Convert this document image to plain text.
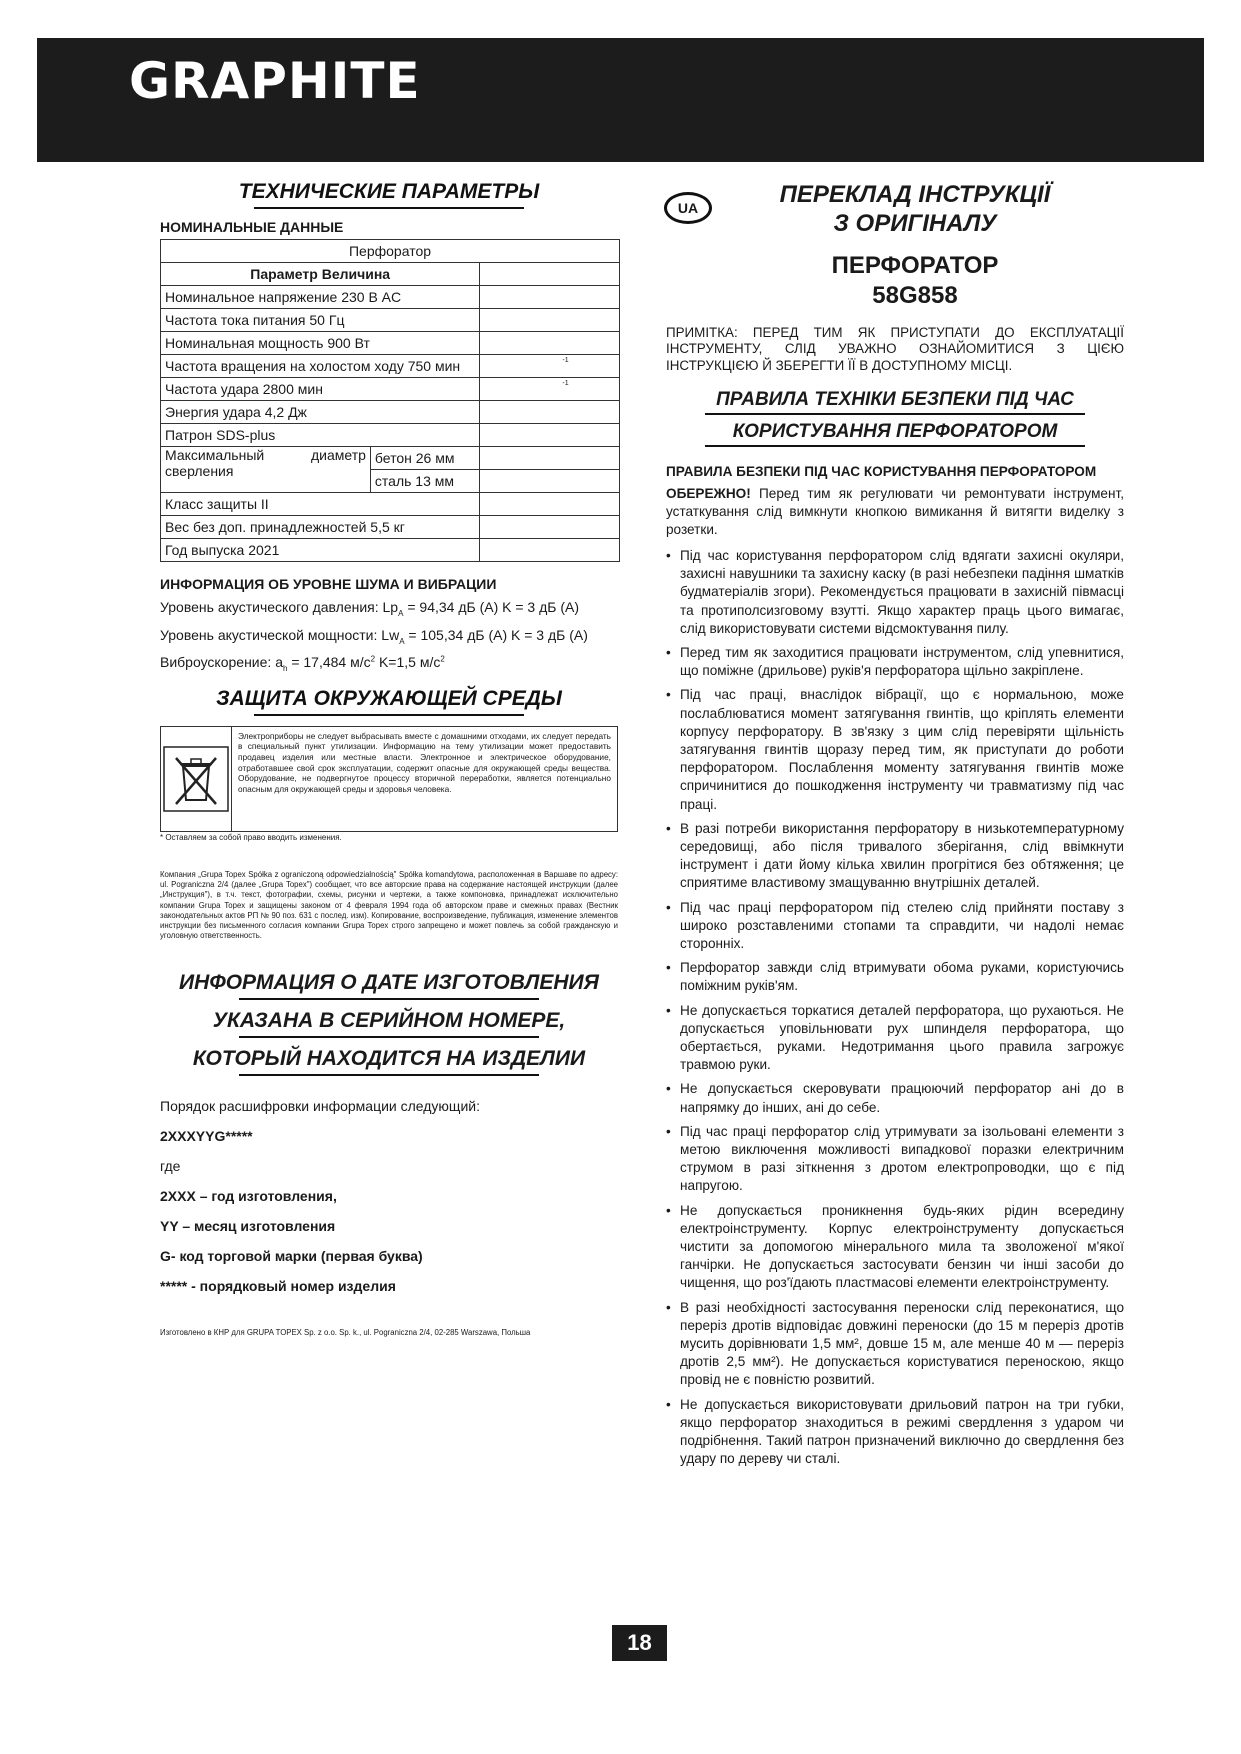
GRAPHITE
ТЕХНИЧЕСКИЕ ПАРАМЕТРЫ
НОМИНАЛЬНЫЕ ДАННЫЕ
Перфоратор		
Параметр Величина		
Номинальное напряжение 230 В AC		
Частота тока питания 50 Гц		
Номинальная мощность 900 Вт		
Частота вращения на холостом ходу 750 мин		-1

Частота удара 2800 мин		-1

Энергия удара 4,2 Дж		
Патрон SDS-plus		

Максимальный диаметр
сверления	бетон 26 мм	
	сталь 13 мм	
Класс защиты II		
Вес без доп. принадлежностей 5,5 кг		
Год выпуска 2021		
ИНФОРМАЦИЯ ОБ УРОВНЕ ШУМА И ВИБРАЦИИ
Уровень акустического давления: $Lp_A = 94,34$ дБ (A) K = 3 дБ (A)
Уровень акустической мощности: $Lw_A = 105,34$ дБ (A) K = 3 дБ (A)
Виброускорение: $a_h = 17,484$ $м/с^2$ K=1,5 $м/с^2$
ЗАЩИТА ОКРУЖАЮЩЕЙ СРЕДЫ
Электроприборы не следует выбрасывать вместе с домашними отходами, их следует передать в специальный пункт утилизации. Информацию на тему утилизации может предоставить продавец изделия или местные власти. Электронное и электрическое оборудование, отработавшее свой срок эксплуатации, содержит опасные для окружающей среды вещества. Оборудование, не подвергнутое процессу вторичной переработки, является потенциально опасным для окружающей среды и здоровья человека.
* Оставляем за собой право вводить изменения.
Компания „Grupa Topex Spółka z ograniczoną odpowiedzialnością" Spółka komandytowa, расположенная в Варшаве по адресу: ul. Pograniczna 2/4 (далее „Grupa Topex") сообщает, что все авторские права на содержание настоящей инструкции (далее „Инструкция"), в т.ч. текст, фотографии, схемы, рисунки и чертежи, а также компоновка, принадлежат исключительно компании Grupa Topex и защищены законом от 4 февраля 1994 года об авторском праве и смежных правах (Вестник законодательных актов РП № 90 поз. 631 с послед. изм). Копирование, воспроизведение, публикация, изменение элементов инструкции без письменного согласия компании Grupa Topex строго запрещено и может повлечь за собой гражданскую и уголовную ответственность.
ИНФОРМАЦИЯ О ДАТЕ ИЗГОТОВЛЕНИЯ
УКАЗАНА В СЕРИЙНОМ НОМЕРЕ,
КОТОРЫЙ НАХОДИТСЯ НА ИЗДЕЛИИ
Порядок расшифровки информации следующий:
2XXXYYG*****
где
2XXX – год изготовления,
YY – месяц изготовления
G- код торговой марки (первая буква)
***** - порядковый номер изделия
Изготовлено в КНР для GRUPA TOPEX Sp. z o.o. Sp. k., ul. Pograniczna 2/4, 02-285 Warszawa, Польша
UA	ПЕРЕКЛАД ІНСТРУКЦІЇ
З ОРИГІНАЛУ
ПЕРФОРАТОР
58G858
ПРИМІТКА: ПЕРЕД ТИМ ЯК ПРИСТУПАТИ ДО ЕКСПЛУАТАЦІЇ ІНСТРУМЕНТУ, СЛІД УВАЖНО ОЗНАЙОМИТИСЯ З ЦІЄЮ ІНСТРУКЦІЄЮ Й ЗБЕРЕГТИ ЇЇ В ДОСТУПНОМУ МІСЦІ.
ПРАВИЛА ТЕХНІКИ БЕЗПЕКИ ПІД ЧАС
КОРИСТУВАННЯ ПЕРФОРАТОРОМ
ПРАВИЛА БЕЗПЕКИ ПІД ЧАС КОРИСТУВАННЯ ПЕРФОРАТОРОМ

ОБЕРЕЖНО! Перед тим як регулювати чи ремонтувати інструмент, устаткування слід вимкнути кнопкою вимикання й витягти виделку з розетки.

• Під час користування перфоратором слід вдягати захисні окуляри, захисні навушники та захисну каску (в разі небезпеки падіння шматків будматеріалів згори). Рекомендується працювати в захисній півмасці та протиполсизговому взутті. Якщо характер праць цього вимагає, слід використовувати системи відсмоктування пилу.
• Перед тим як заходитися працювати інструментом, слід упевнитися, що поміжне (дрильове) руків'я перфоратора щільно закріплене.
• Під час праці, внаслідок вібрації, що є нормальною, може послаблюватися момент затягування гвинтів, що кріплять елементи корпусу перфоратору. В зв'язку з цим слід перевіряти щільність затягування гвинтів щоразу перед тим, як приступати до роботи перфоратором. Послаблення моменту затягування гвинтів може спричинитися до пошкодження інструменту чи травматизму під час праці.
• В разі потреби використання перфоратору в низькотемпературному середовищі, або після тривалого зберігання, слід ввімкнути інструмент і дати йому кілька хвилин прогрітися без обтяження; це сприятиме властивому змащуванню внутрішніх деталей.
• Під час праці перфоратором під стелею слід прийняти поставу з широко розставленими стопами та справдити, чи надолі немає сторонніх.
• Перфоратор завжди слід втримувати обома руками, користуючись поміжним руків'ям.
• Не допускається торкатися деталей перфоратора, що рухаються. Не допускається уповільнювати рух шпинделя перфоратора, що обертається, руками. Недотримання цього правила загрожує травмою руки.
• Не допускається скеровувати працюючий перфоратор ані до в напрямку до інших, ані до себе.
• Під час праці перфоратор слід утримувати за ізольовані елементи з метою виключення можливості випадкової поразки електричним струмом в разі зіткнення з дротом електропроводки, що є під напругою.
• Не допускається проникнення будь-яких рідин всередину електроінструменту. Корпус електроінструменту допускається чистити за допомогою мінерального мила та зволоженої м'якої ганчірки. Не допускається застосувати бензин чи інші засоби до чищення, що роз'їдають пластмасові елементи електроінструменту.
• В разі необхідності застосування переноски слід переконатися, що переріз дротів відповідає довжині переноски (до 15 м переріз дротів мусить дорівнювати 1,5 мм², довше 15 м, але менше 40 м — переріз дротів 2,5 мм²). Не допускається користуватися переноскою, якщо провід не є повністю розвитий.
• Не допускається використовувати дрильовий патрон на три губки, якщо перфоратор знаходиться в режимі свердлення з ударом чи подрібнення. Такий патрон призначений виключно до свердлення без удару по дереву чи сталі.
18
